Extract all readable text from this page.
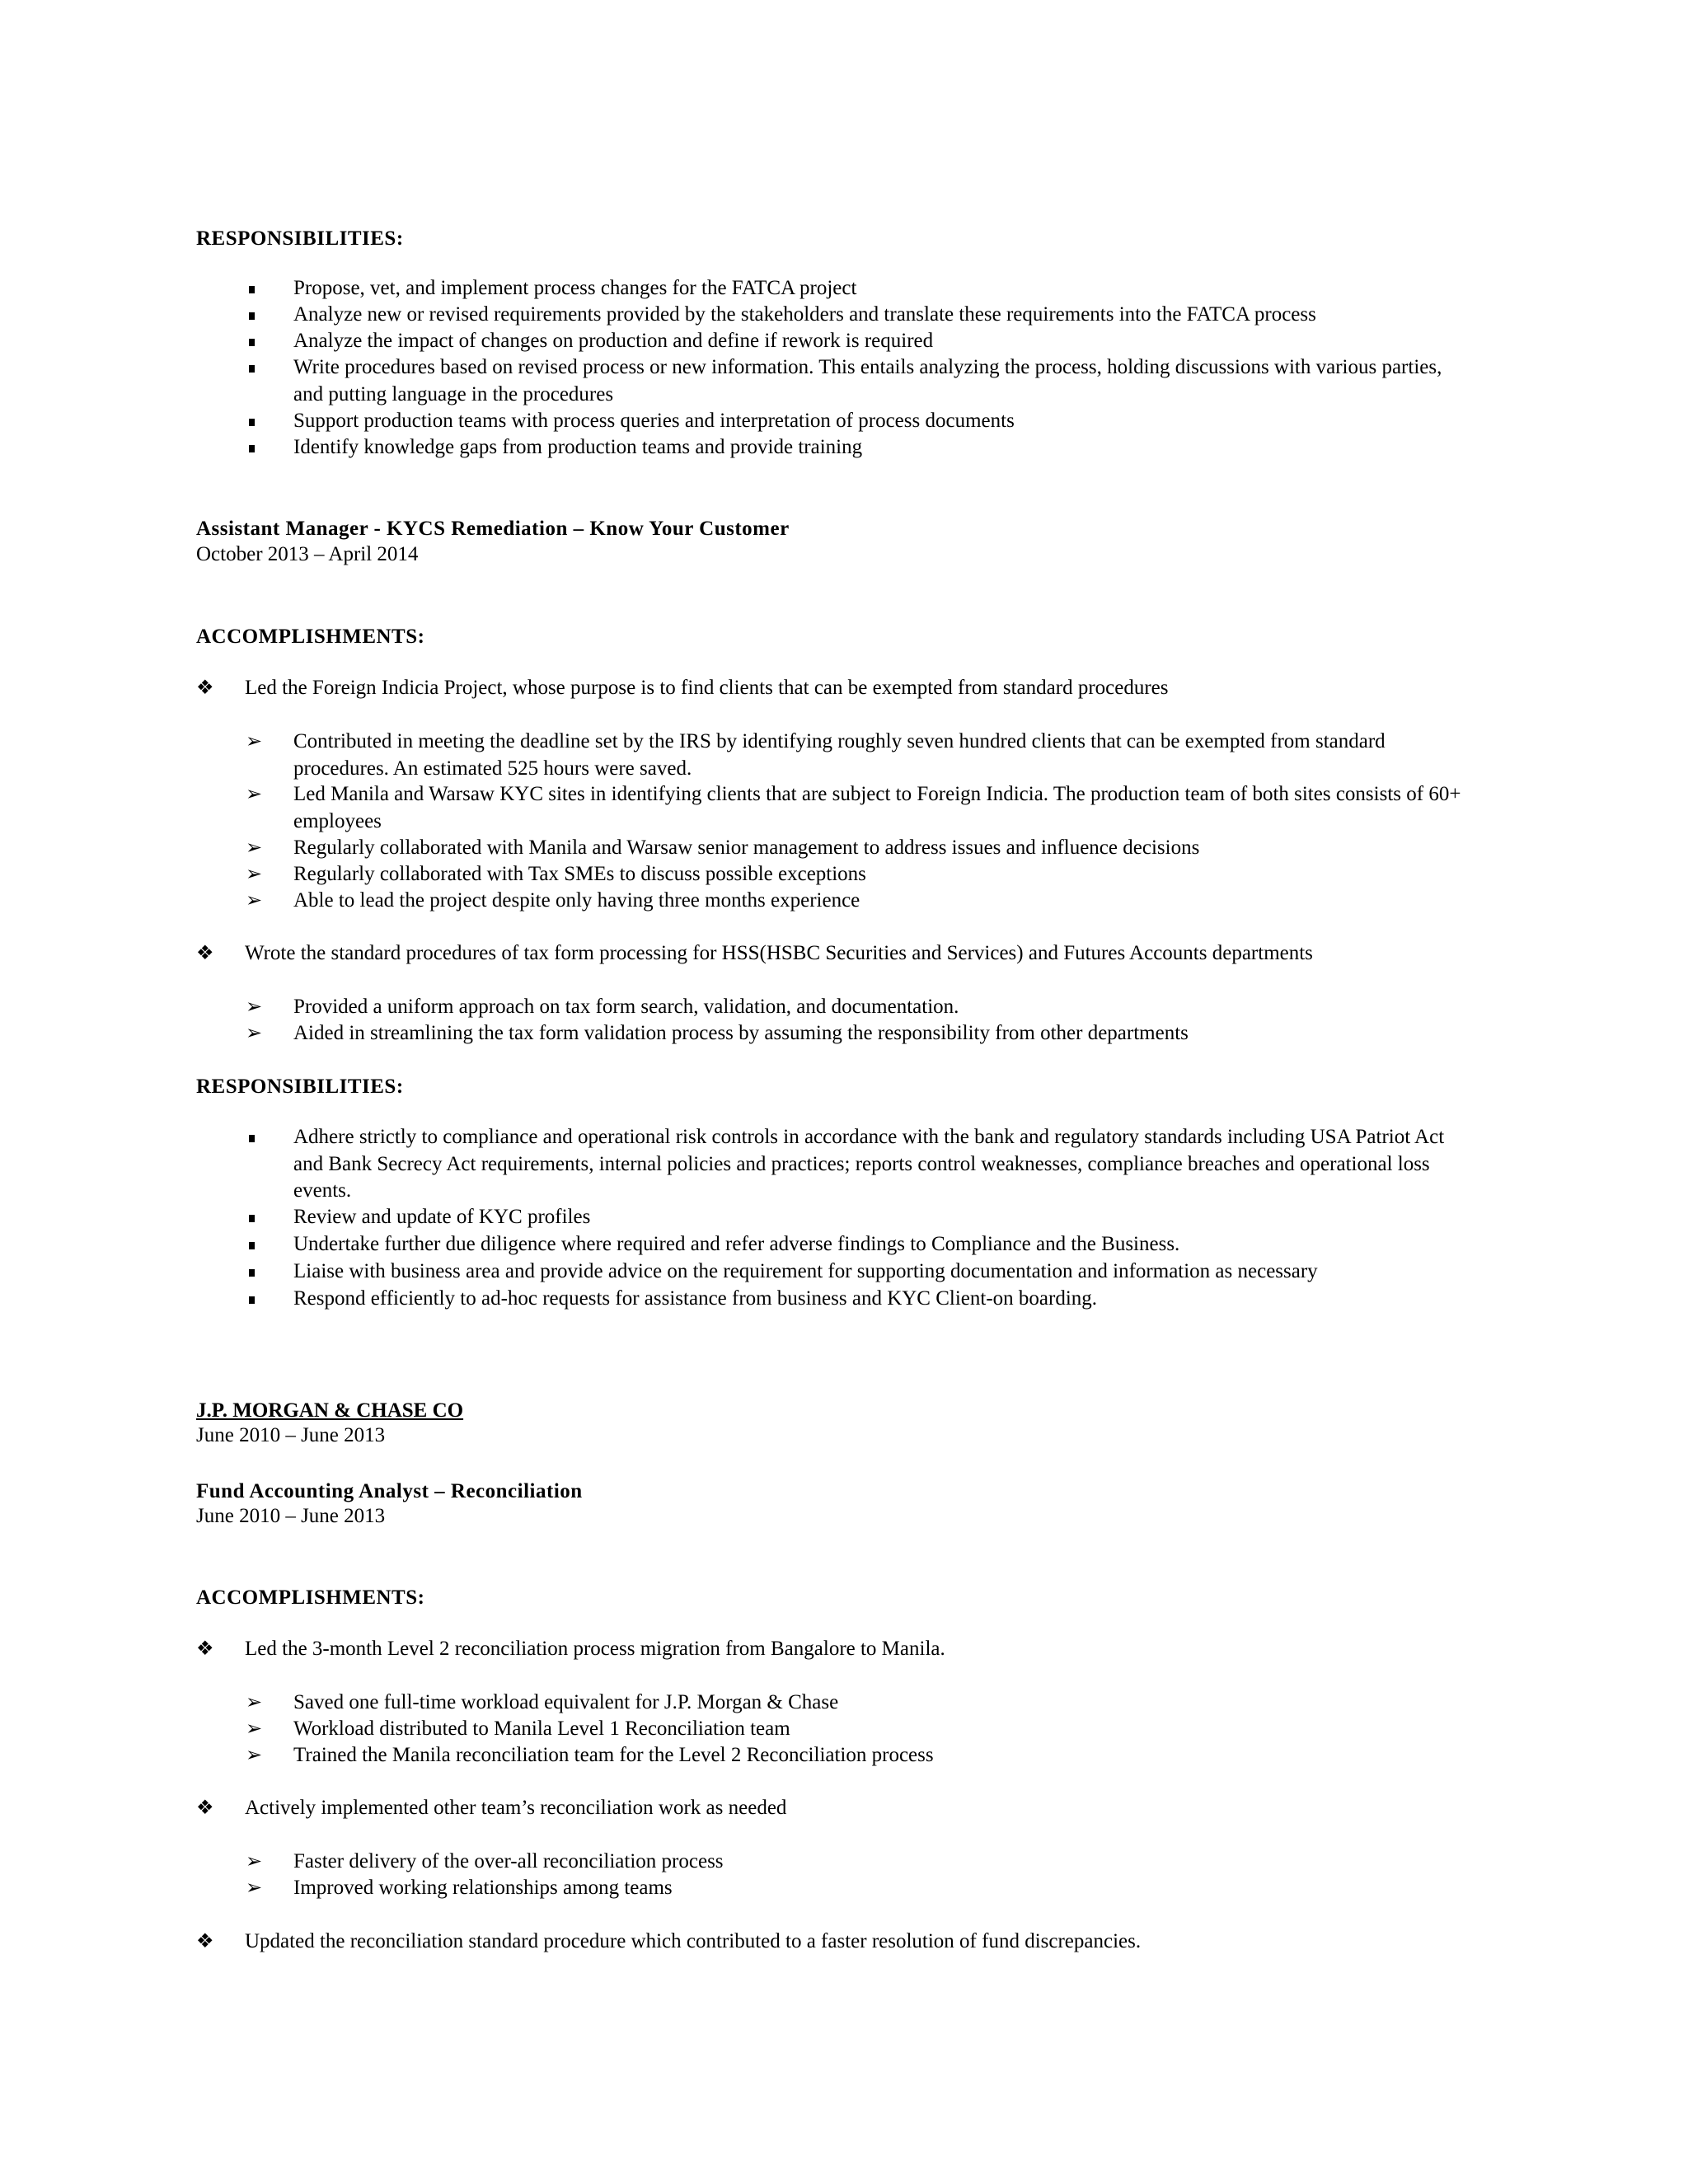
RESPONSIBILITIES:
Propose, vet, and implement process changes for the FATCA project
Analyze new or revised requirements provided by the stakeholders and translate these requirements into the FATCA process
Analyze the impact of changes on production and define if rework is required
Write procedures based on revised process or new information. This entails analyzing the process, holding discussions with various parties, and putting language in the procedures
Support production teams with process queries and interpretation of process documents
Identify knowledge gaps from production teams and provide training
Assistant Manager - KYCS Remediation – Know Your Customer
October 2013 – April 2014
ACCOMPLISHMENTS:
❖ Led the Foreign Indicia Project, whose purpose is to find clients that can be exempted from standard procedures
➢ Contributed in meeting the deadline set by the IRS by identifying roughly seven hundred clients that can be exempted from standard procedures. An estimated 525 hours were saved.
➢ Led Manila and Warsaw KYC sites in identifying clients that are subject to Foreign Indicia. The production team of both sites consists of 60+ employees
➢ Regularly collaborated with Manila and Warsaw senior management to address issues and influence decisions
➢ Regularly collaborated with Tax SMEs to discuss possible exceptions
➢ Able to lead the project despite only having three months experience
❖ Wrote the standard procedures of tax form processing for HSS(HSBC Securities and Services) and Futures Accounts departments
➢ Provided a uniform approach on tax form search, validation, and documentation.
➢ Aided in streamlining the tax form validation process by assuming the responsibility from other departments
RESPONSIBILITIES:
Adhere strictly to compliance and operational risk controls in accordance with the bank and regulatory standards including USA Patriot Act and Bank Secrecy Act requirements, internal policies and practices; reports control weaknesses, compliance breaches and operational loss events.
Review and update of KYC profiles
Undertake further due diligence where required and refer adverse findings to Compliance and the Business.
Liaise with business area and provide advice on the requirement for supporting documentation and information as necessary
Respond efficiently to ad-hoc requests for assistance from business and KYC Client-on boarding.
J.P. MORGAN & CHASE CO
June 2010 – June 2013
Fund Accounting Analyst – Reconciliation
June 2010 – June 2013
ACCOMPLISHMENTS:
❖ Led the 3-month Level 2 reconciliation process migration from Bangalore to Manila.
➢ Saved one full-time workload equivalent for J.P. Morgan & Chase
➢ Workload distributed to Manila Level 1 Reconciliation team
➢ Trained the Manila reconciliation team for the Level 2 Reconciliation process
❖ Actively implemented other team’s reconciliation work as needed
➢ Faster delivery of the over-all reconciliation process
➢ Improved working relationships among teams
❖ Updated the reconciliation standard procedure which contributed to a faster resolution of fund discrepancies.
